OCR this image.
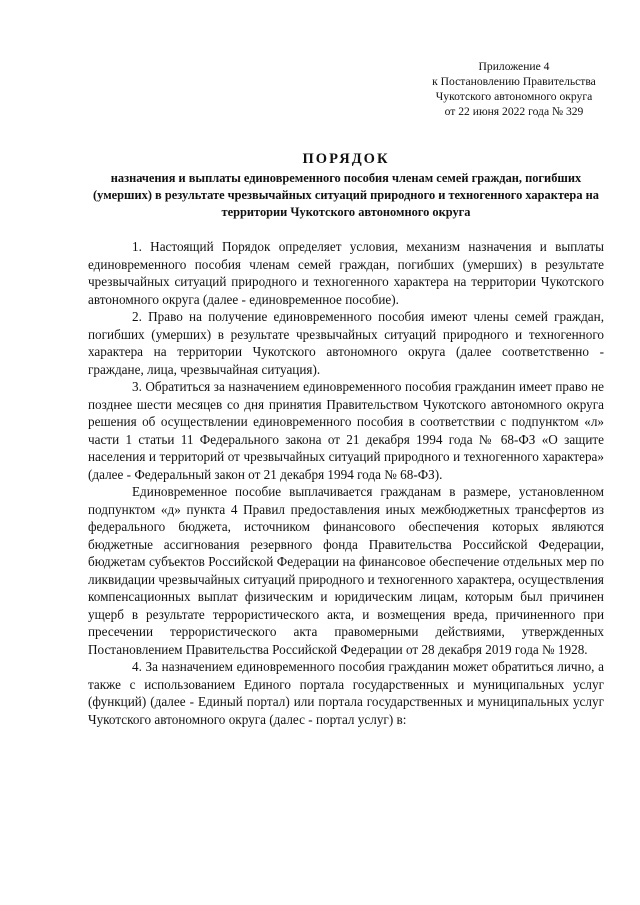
Приложение 4
к Постановлению Правительства
Чукотского автономного округа
от 22 июня 2022 года № 329
ПОРЯДОК
назначения и выплаты единовременного пособия членам семей граждан, погибших (умерших) в результате чрезвычайных ситуаций природного и техногенного характера на территории Чукотского автономного округа

1. Настоящий Порядок определяет условия, механизм назначения и выплаты единовременного пособия членам семей граждан, погибших (умерших) в результате чрезвычайных ситуаций природного и техногенного характера на территории Чукотского автономного округа (далее - единовременное пособие).

2. Право на получение единовременного пособия имеют члены семей граждан, погибших (умерших) в результате чрезвычайных ситуаций природного и техногенного характера на территории Чукотского автономного округа (далее соответственно - граждане, лица, чрезвычайная ситуация).

3. Обратиться за назначением единовременного пособия гражданин имеет право не позднее шести месяцев со дня принятия Правительством Чукотского автономного округа решения об осуществлении единовременного пособия в соответствии с подпунктом «л» части 1 статьи 11 Федерального закона от 21 декабря 1994 года № 68-ФЗ «О защите населения и территорий от чрезвычайных ситуаций природного и техногенного характера» (далее - Федеральный закон от 21 декабря 1994 года № 68-ФЗ).

Единовременное пособие выплачивается гражданам в размере, установленном подпунктом «д» пункта 4 Правил предоставления иных межбюджетных трансфертов из федерального бюджета, источником финансового обеспечения которых являются бюджетные ассигнования резервного фонда Правительства Российской Федерации, бюджетам субъектов Российской Федерации на финансовое обеспечение отдельных мер по ликвидации чрезвычайных ситуаций природного и техногенного характера, осуществления компенсационных выплат физическим и юридическим лицам, которым был причинен ущерб в результате террористического акта, и возмещения вреда, причиненного при пресечении террористического акта правомерными действиями, утвержденных Постановлением Правительства Российской Федерации от 28 декабря 2019 года № 1928.

4. За назначением единовременного пособия гражданин может обратиться лично, а также с использованием Единого портала государственных и муниципальных услуг (функций) (далее - Единый портал) или портала государственных и муниципальных услуг Чукотского автономного округа (далес - портал услуг) в:
